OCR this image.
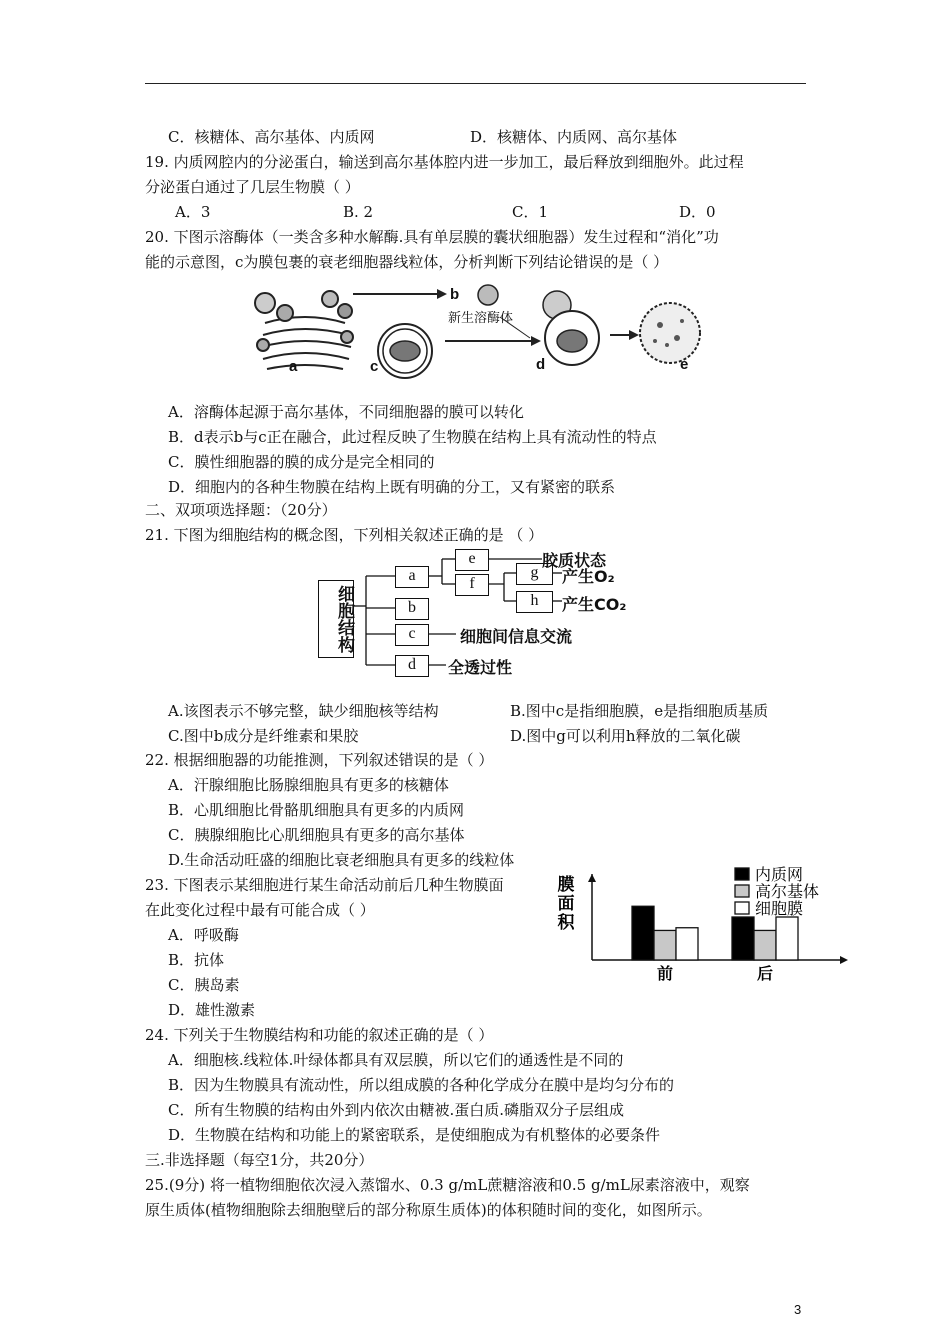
C．核糖体、高尔基体、内质网	D．核糖体、内质网、高尔基体
19. 内质网腔内的分泌蛋白，输送到高尔基体腔内进一步加工，最后释放到细胞外。此过程
分泌蛋白通过了几层生物膜（ ）
A．3	B. 2	C．1	D．0
20. 下图示溶酶体（一类含多种水解酶.具有单层膜的囊状细胞器）发生过程和“消化”功
能的示意图，c为膜包裹的衰老细胞器线粒体，分析判断下列结论错误的是（ ）
a
b
c	d	e
新生溶酶体
A．溶酶体起源于高尔基体，不同细胞器的膜可以转化
B．d表示b与c正在融合，此过程反映了生物膜在结构上具有流动性的特点
C．膜性细胞器的膜的成分是完全相同的
D．细胞内的各种生物膜在结构上既有明确的分工，又有紧密的联系
二、双项项选择题：（20分）
21. 下图为细胞结构的概念图，下列相关叙述正确的是 （ ）
细胞结构
a
b
c
d
e
f
g
h
胶质状态
产生O₂
产生CO₂
细胞间信息交流
全透过性
A.该图表示不够完整，缺少细胞核等结构	B.图中c是指细胞膜，e是指细胞质基质
C.图中b成分是纤维素和果胶	D.图中g可以利用h释放的二氧化碳
22. 根据细胞器的功能推测，下列叙述错误的是（ ）
A．汗腺细胞比肠腺细胞具有更多的核糖体
B．心肌细胞比骨骼肌细胞具有更多的内质网
C．胰腺细胞比心肌细胞具有更多的高尔基体
D.生命活动旺盛的细胞比衰老细胞具有更多的线粒体
23. 下图表示某细胞进行某生命活动前后几种生物膜面
在此变化过程中最有可能合成（ ）
A．呼吸酶
B．抗体
C．胰岛素
D．雄性激素
膜
面
积
前	后
内质网
高尔基体
细胞膜
24. 下列关于生物膜结构和功能的叙述正确的是（ ）
A．细胞核.线粒体.叶绿体都具有双层膜，所以它们的通透性是不同的
B．因为生物膜具有流动性，所以组成膜的各种化学成分在膜中是均匀分布的
C．所有生物膜的结构由外到内依次由糖被.蛋白质.磷脂双分子层组成
D．生物膜在结构和功能上的紧密联系，是使细胞成为有机整体的必要条件
三.非选择题（每空1分，共20分）
25.(9分) 将一植物细胞依次浸入蒸馏水、0.3 g/mL蔗糖溶液和0.5 g/mL尿素溶液中，观察
原生质体(植物细胞除去细胞壁后的部分称原生质体)的体积随时间的变化，如图所示。
3
